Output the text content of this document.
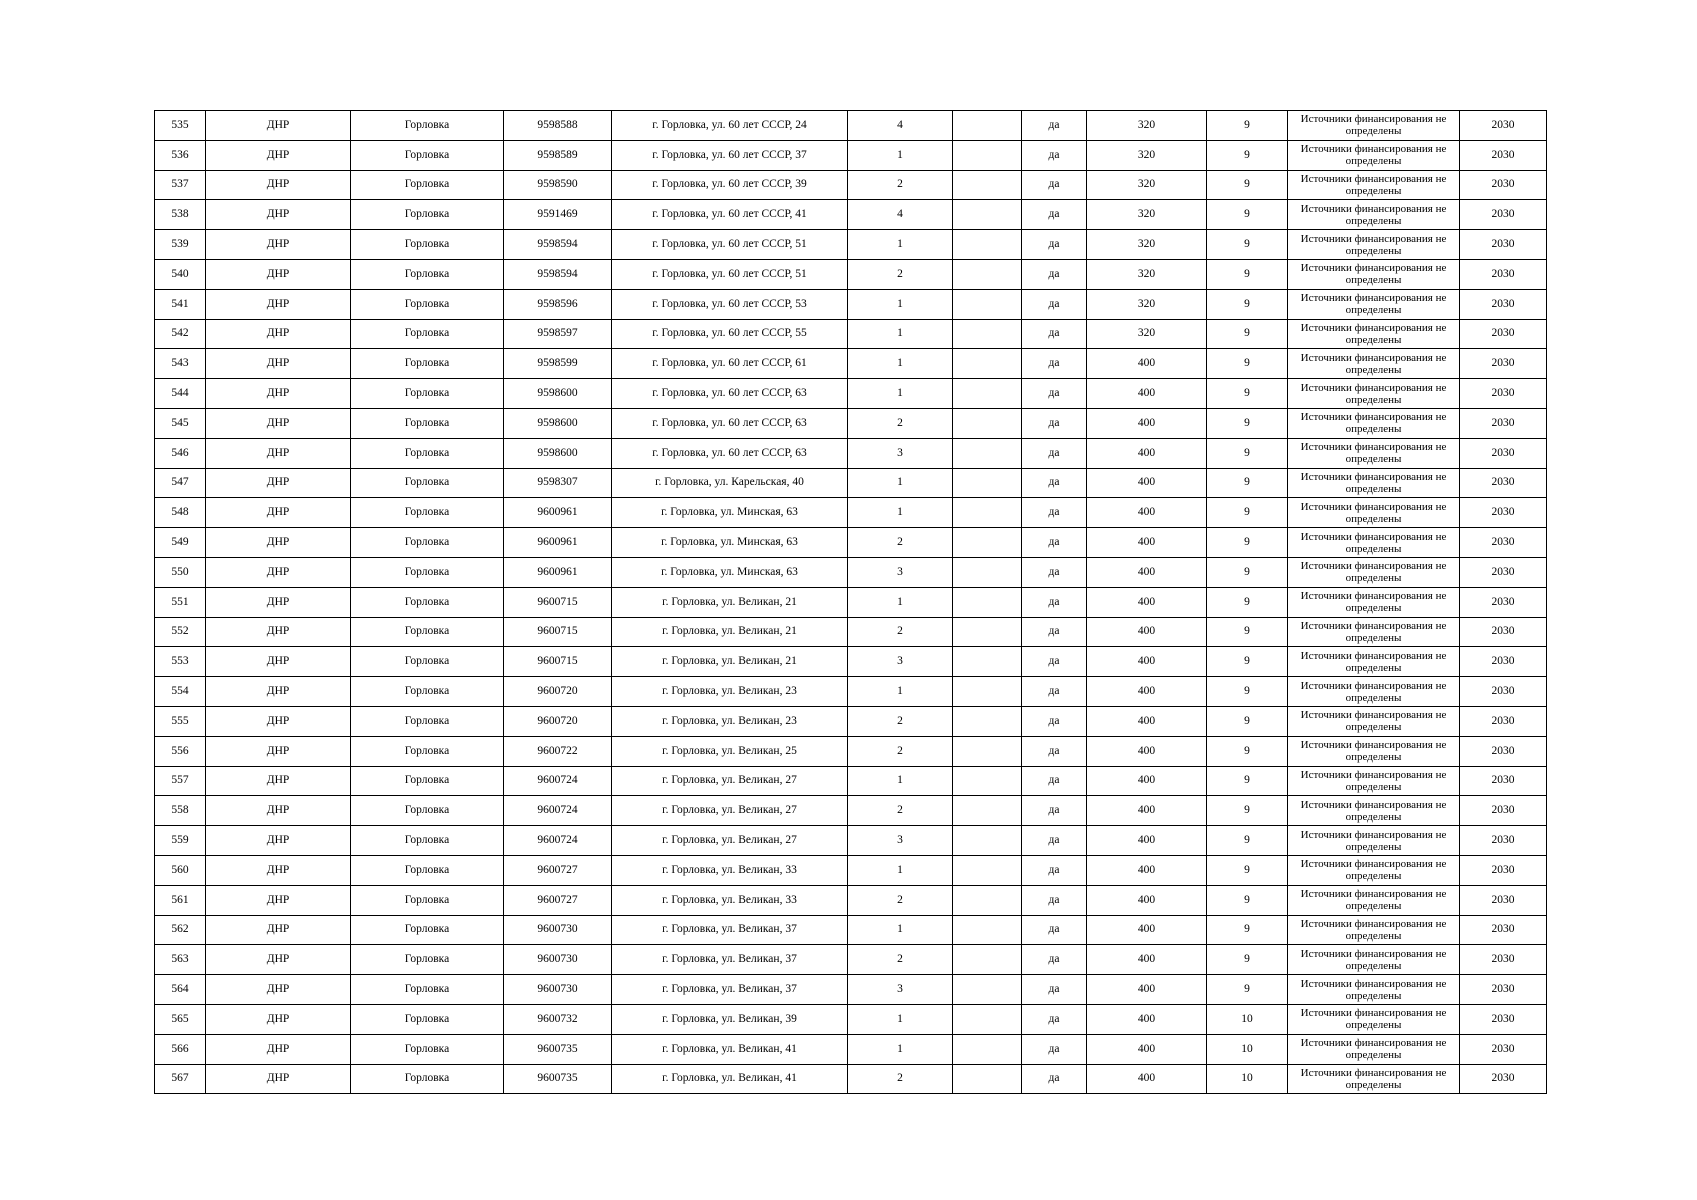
535	ДНР	Горловка	9598588	г. Горловка, ул. 60 лет СССР, 24	4		да	320	9	Источники финансирования не определены	2030
536	ДНР	Горловка	9598589	г. Горловка, ул. 60 лет СССР, 37	1		да	320	9	Источники финансирования не определены	2030
537	ДНР	Горловка	9598590	г. Горловка, ул. 60 лет СССР, 39	2		да	320	9	Источники финансирования не определены	2030
538	ДНР	Горловка	9591469	г. Горловка, ул. 60 лет СССР, 41	4		да	320	9	Источники финансирования не определены	2030
539	ДНР	Горловка	9598594	г. Горловка, ул. 60 лет СССР, 51	1		да	320	9	Источники финансирования не определены	2030
540	ДНР	Горловка	9598594	г. Горловка, ул. 60 лет СССР, 51	2		да	320	9	Источники финансирования не определены	2030
541	ДНР	Горловка	9598596	г. Горловка, ул. 60 лет СССР, 53	1		да	320	9	Источники финансирования не определены	2030
542	ДНР	Горловка	9598597	г. Горловка, ул. 60 лет СССР, 55	1		да	320	9	Источники финансирования не определены	2030
543	ДНР	Горловка	9598599	г. Горловка, ул. 60 лет СССР, 61	1		да	400	9	Источники финансирования не определены	2030
544	ДНР	Горловка	9598600	г. Горловка, ул. 60 лет СССР, 63	1		да	400	9	Источники финансирования не определены	2030
545	ДНР	Горловка	9598600	г. Горловка, ул. 60 лет СССР, 63	2		да	400	9	Источники финансирования не определены	2030
546	ДНР	Горловка	9598600	г. Горловка, ул. 60 лет СССР, 63	3		да	400	9	Источники финансирования не определены	2030
547	ДНР	Горловка	9598307	г. Горловка, ул. Карельская, 40	1		да	400	9	Источники финансирования не определены	2030
548	ДНР	Горловка	9600961	г. Горловка, ул. Минская, 63	1		да	400	9	Источники финансирования не определены	2030
549	ДНР	Горловка	9600961	г. Горловка, ул. Минская, 63	2		да	400	9	Источники финансирования не определены	2030
550	ДНР	Горловка	9600961	г. Горловка, ул. Минская, 63	3		да	400	9	Источники финансирования не определены	2030
551	ДНР	Горловка	9600715	г. Горловка, ул. Великан, 21	1		да	400	9	Источники финансирования не определены	2030
552	ДНР	Горловка	9600715	г. Горловка, ул. Великан, 21	2		да	400	9	Источники финансирования не определены	2030
553	ДНР	Горловка	9600715	г. Горловка, ул. Великан, 21	3		да	400	9	Источники финансирования не определены	2030
554	ДНР	Горловка	9600720	г. Горловка, ул. Великан, 23	1		да	400	9	Источники финансирования не определены	2030
555	ДНР	Горловка	9600720	г. Горловка, ул. Великан, 23	2		да	400	9	Источники финансирования не определены	2030
556	ДНР	Горловка	9600722	г. Горловка, ул. Великан, 25	2		да	400	9	Источники финансирования не определены	2030
557	ДНР	Горловка	9600724	г. Горловка, ул. Великан, 27	1		да	400	9	Источники финансирования не определены	2030
558	ДНР	Горловка	9600724	г. Горловка, ул. Великан, 27	2		да	400	9	Источники финансирования не определены	2030
559	ДНР	Горловка	9600724	г. Горловка, ул. Великан, 27	3		да	400	9	Источники финансирования не определены	2030
560	ДНР	Горловка	9600727	г. Горловка, ул. Великан, 33	1		да	400	9	Источники финансирования не определены	2030
561	ДНР	Горловка	9600727	г. Горловка, ул. Великан, 33	2		да	400	9	Источники финансирования не определены	2030
562	ДНР	Горловка	9600730	г. Горловка, ул. Великан, 37	1		да	400	9	Источники финансирования не определены	2030
563	ДНР	Горловка	9600730	г. Горловка, ул. Великан, 37	2		да	400	9	Источники финансирования не определены	2030
564	ДНР	Горловка	9600730	г. Горловка, ул. Великан, 37	3		да	400	9	Источники финансирования не определены	2030
565	ДНР	Горловка	9600732	г. Горловка, ул. Великан, 39	1		да	400	10	Источники финансирования не определены	2030
566	ДНР	Горловка	9600735	г. Горловка, ул. Великан, 41	1		да	400	10	Источники финансирования не определены	2030
567	ДНР	Горловка	9600735	г. Горловка, ул. Великан, 41	2		да	400	10	Источники финансирования не определены	2030
